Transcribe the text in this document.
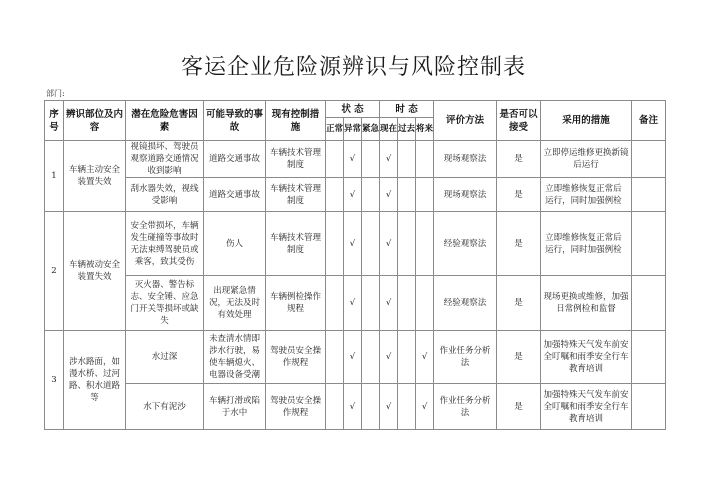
客运企业危险源辨识与风险控制表
部门:
序号	辨识部位及内容	潜在危险危害因素	可能导致的事故	现有控制措施	状 态			时 态			评价方法	是否可以接受	采用的措施	备注
					正常	异常	紧急	现在	过去	将来				
1	车辆主动安全装置失效	视镜损坏、驾驶员观察道路交通情况收到影响	道路交通事故	车辆技术管理制度		√		√			现场观察法	是	立即停运维修更换新镜后运行	
		刮水器失效，视线受影响	道路交通事故	车辆技术管理制度		√		√			现场观察法	是	立即维修恢复正常后运行，同时加强例检	
2	车辆被动安全装置失效	安全带损坏，车辆发生碰撞等事故时无法束缚驾驶员或乘客，致其受伤	伤人	车辆技术管理制度		√		√			经验观察法	是	立即维修恢复正常后运行，同时加强例检	
		灭火器、警告标志、安全锤、应急门开关等损坏或缺失	出现紧急情况，无法及时有效处理	车辆例检操作规程		√		√			经验观察法	是	现场更换或维修，加强日常例检和监督	
3	涉水路面，如漫水桥、过河路、积水道路等	水过深	未查清水情即涉水行驶，易使车辆熄火、电器设备受潮	驾驶员安全操作规程		√		√		√	作业任务分析法	是	加强特殊天气发车前安全叮嘱和雨季安全行车教育培训	
		水下有泥沙	车辆打滑或陷于水中	驾驶员安全操作规程		√		√		√	作业任务分析法	是	加强特殊天气发车前安全叮嘱和雨季安全行车教育培训	
